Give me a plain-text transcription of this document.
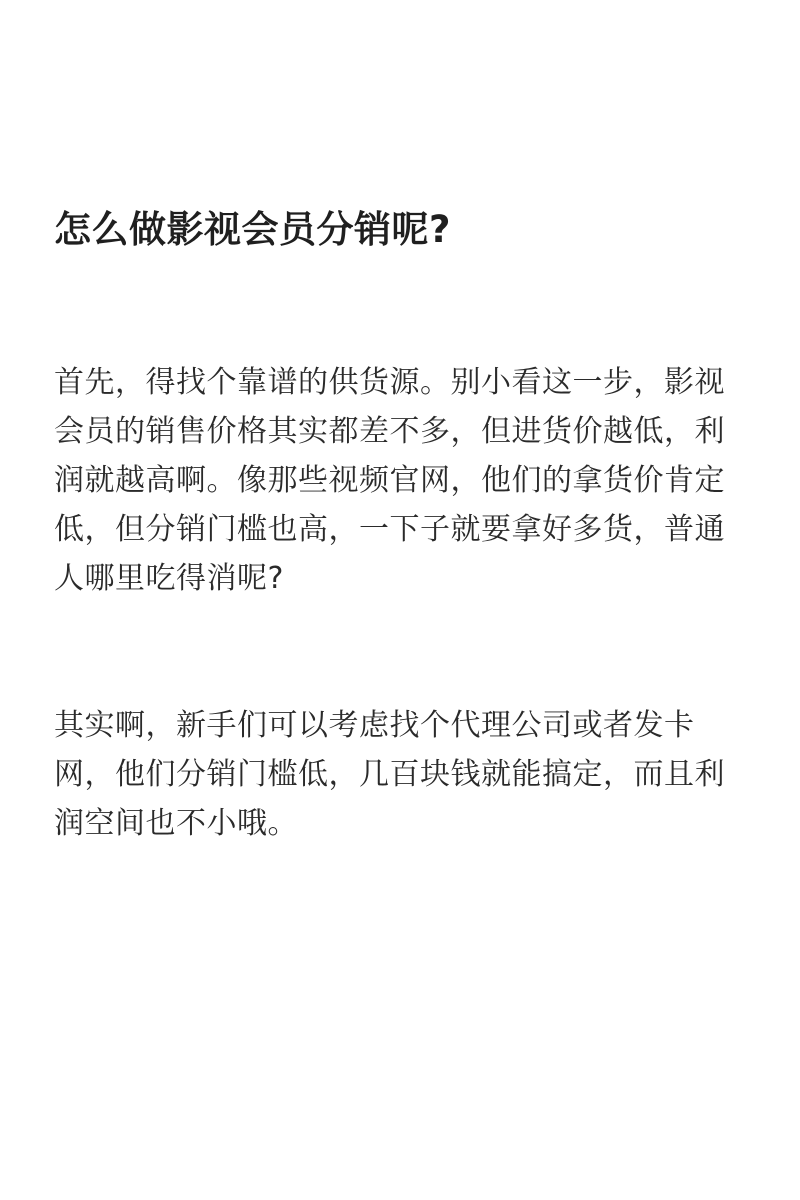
怎么做影视会员分销呢?

首先，得找个靠谱的供货源。别小看这一步，影视会员的销售价格其实都差不多，但进货价越低，利润就越高啊。像那些视频官网，他们的拿货价肯定低，但分销门槛也高，一下子就要拿好多货，普通人哪里吃得消呢?

其实啊，新手们可以考虑找个代理公司或者发卡网，他们分销门槛低，几百块钱就能搞定，而且利润空间也不小哦。
